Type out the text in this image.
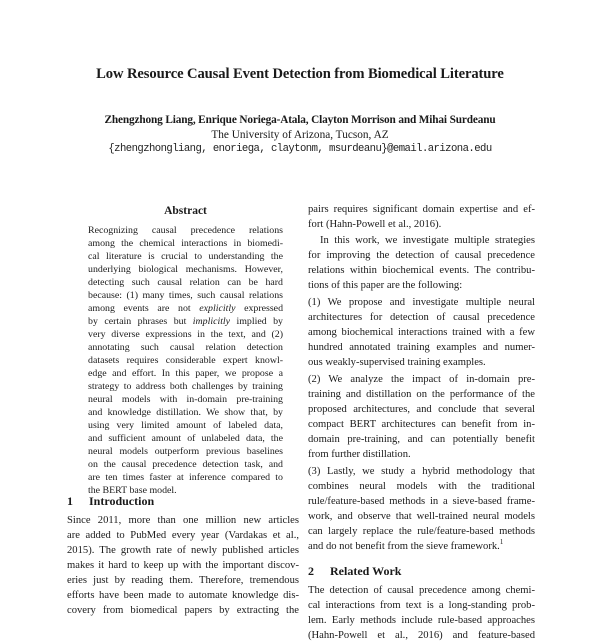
Low Resource Causal Event Detection from Biomedical Literature
Zhengzhong Liang, Enrique Noriega-Atala, Clayton Morrison and Mihai Surdeanu
The University of Arizona, Tucson, AZ
{zhengzhongliang, enoriega, claytonm, msurdeanu}@email.arizona.edu
Abstract
Recognizing causal precedence relations
among the chemical interactions in biomedi-
cal literature is crucial to understanding the
underlying biological mechanisms. However,
detecting such causal relation can be hard
because: (1) many times, such causal relations
among events are not explicitly expressed
by certain phrases but implicitly implied by
very diverse expressions in the text, and (2)
annotating such causal relation detection
datasets requires considerable expert knowl-
edge and effort. In this paper, we propose a
strategy to address both challenges by training
neural models with in-domain pre-training
and knowledge distillation. We show that, by
using very limited amount of labeled data,
and sufficient amount of unlabeled data, the
neural models outperform previous baselines
on the causal precedence detection task, and
are ten times faster at inference compared to
the BERT base model.
1 Introduction
Since 2011, more than one million new articles
are added to PubMed every year (Vardakas et al.,
2015). The growth rate of newly published articles
makes it hard to keep up with the important discov-
eries just by reading them. Therefore, tremendous
efforts have been made to automate knowledge dis-
covery from biomedical papers by extracting the
pairs requires significant domain expertise and ef-
fort (Hahn-Powell et al., 2016).
In this work, we investigate multiple strategies
for improving the detection of causal precedence
relations within biochemical events. The contribu-
tions of this paper are the following:
(1) We propose and investigate multiple neural
architectures for detection of causal precedence
among biochemical interactions trained with a few
hundred annotated training examples and numer-
ous weakly-supervised training examples.
(2) We analyze the impact of in-domain pre-
training and distillation on the performance of the
proposed architectures, and conclude that several
compact BERT architectures can benefit from in-
domain pre-training, and can potentially benefit
from further distillation.
(3) Lastly, we study a hybrid methodology that
combines neural models with the traditional
rule/feature-based methods in a sieve-based frame-
work, and observe that well-trained neural models
can largely replace the rule/feature-based methods
and do not benefit from the sieve framework.$^1$
2 Related Work
The detection of causal precedence among chemi-
cal interactions from text is a long-standing prob-
lem. Early methods include rule-based approaches
(Hahn-Powell et al., 2016) and feature-based
